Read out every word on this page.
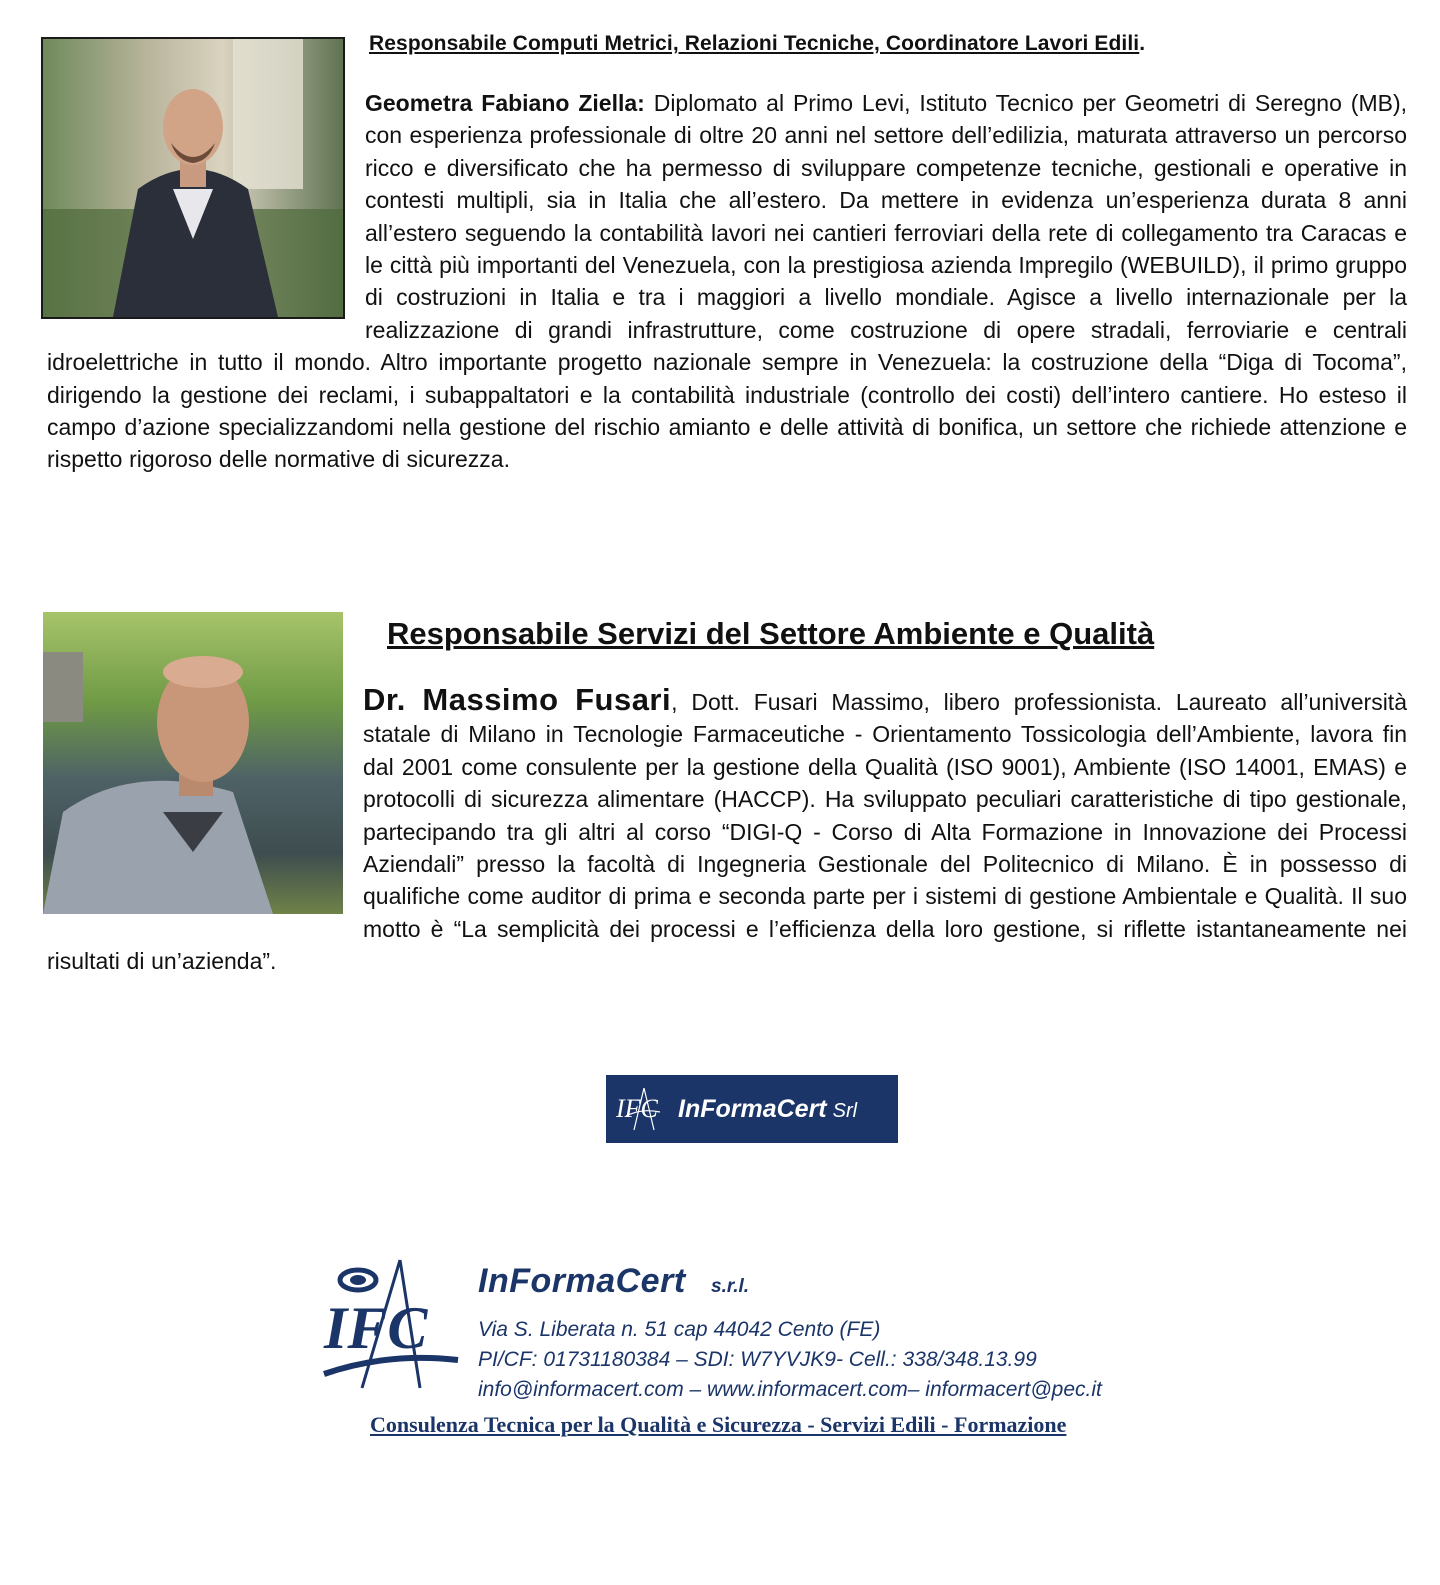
Responsabile Computi Metrici, Relazioni Tecniche, Coordinatore Lavori Edili.

Geometra Fabiano Ziella: Diplomato al Primo Levi, Istituto Tecnico per Geometri di Seregno (MB), con esperienza professionale di oltre 20 anni nel settore dell’edilizia, maturata attraverso un percorso ricco e diversificato che ha permesso di sviluppare competenze tecniche, gestionali e operative in contesti multipli, sia in Italia che all’estero. Da mettere in evidenza un’esperienza durata 8 anni all’estero seguendo la contabilità lavori nei cantieri ferroviari della rete di collegamento tra Caracas e le città più importanti del Venezuela, con la prestigiosa azienda Impregilo (WEBUILD), il primo gruppo di costruzioni in Italia e tra i maggiori a livello mondiale. Agisce a livello internazionale per la realizzazione di grandi infrastrutture, come costruzione di opere stradali, ferroviarie e centrali idroelettriche in tutto il mondo. Altro importante progetto nazionale sempre in Venezuela: la costruzione della “Diga di Tocoma”, dirigendo la gestione dei reclami, i subappaltatori e la contabilità industriale (controllo dei costi) dell’intero cantiere. Ho esteso il campo d’azione specializzandomi nella gestione del rischio amianto e delle attività di bonifica, un settore che richiede attenzione e rispetto rigoroso delle normative di sicurezza.

Responsabile Servizi del Settore Ambiente e Qualità

Dr. Massimo Fusari, Dott. Fusari Massimo, libero professionista. Laureato all’università statale di Milano in Tecnologie Farmaceutiche - Orientamento Tossicologia dell’Ambiente, lavora fin dal 2001 come consulente per la gestione della Qualità (ISO 9001), Ambiente (ISO 14001, EMAS) e protocolli di sicurezza alimentare (HACCP). Ha sviluppato peculiari caratteristiche di tipo gestionale, partecipando tra gli altri al corso “DIGI-Q - Corso di Alta Formazione in Innovazione dei Processi Aziendali” presso la facoltà di Ingegneria Gestionale del Politecnico di Milano. È in possesso di qualifiche come auditor di prima e seconda parte per i sistemi di gestione Ambientale e Qualità. Il suo motto è “La semplicità dei processi e l’efficienza della loro gestione, si riflette istantaneamente nei risultati di un’azienda”.

IFC InFormaCert Srl
IFC
InFormaCert s.r.l.
Via S. Liberata n. 51 cap 44042 Cento (FE)
PI/CF: 01731180384 – SDI: W7YVJK9- Cell.: 338/348.13.99
info@informacert.com – www.informacert.com– informacert@pec.it
Consulenza Tecnica per la Qualità e Sicurezza - Servizi Edili - Formazione
